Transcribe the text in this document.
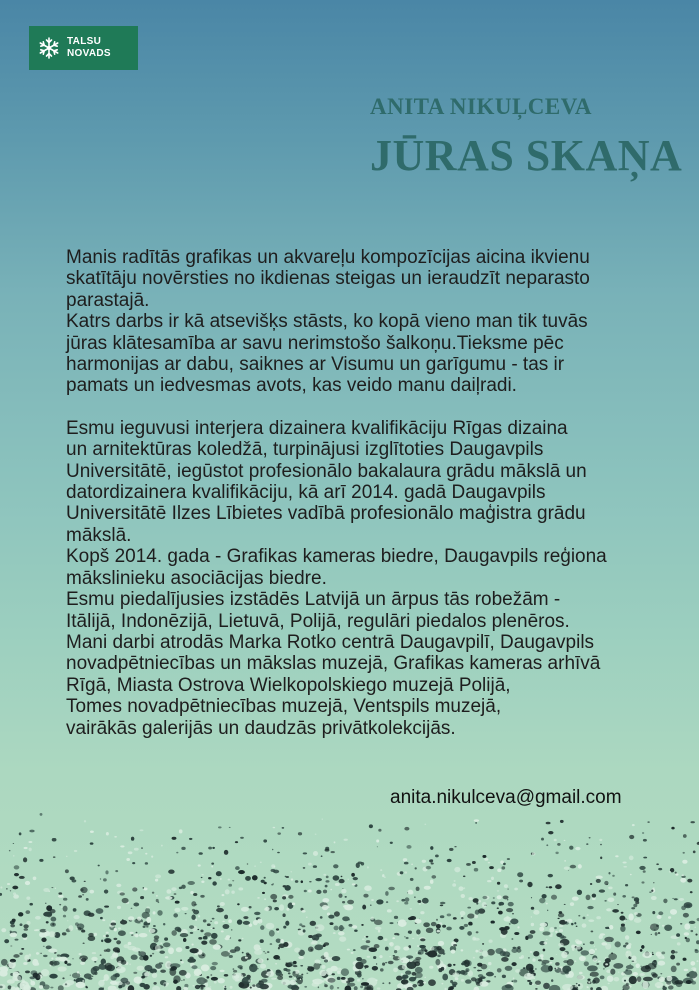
TALSU
NOVADS
ANITA NIKUĻCEVA
JŪRAS SKAŅA

Manis radītās grafikas un akvareļu kompozīcijas aicina ikvienu
skatītāju novērsties no ikdienas steigas un ieraudzīt neparasto
parastajā.
Katrs darbs ir kā atsevišķs stāsts, ko kopā vieno man tik tuvās
jūras klātesamība ar savu nerimstošo šalkoņu.Tieksme pēc
harmonijas ar dabu, saiknes ar Visumu un garīgumu - tas ir
pamats un iedvesmas avots, kas veido manu daiļradi.

Esmu ieguvusi interjera dizainera kvalifikāciju Rīgas dizaina
un arnitektūras koledžā, turpinājusi izglītoties Daugavpils
Universitātē, iegūstot profesionālo bakalaura grādu mākslā un
datordizainera kvalifikāciju, kā arī 2014. gadā Daugavpils
Universitātē Ilzes Lībietes vadībā profesionālo maģistra grādu
mākslā.
Kopš 2014. gada - Grafikas kameras biedre, Daugavpils reģiona
mākslinieku asociācijas biedre.
Esmu piedalījusies izstādēs Latvijā un ārpus tās robežām -
Itālijā, Indonēzijā, Lietuvā, Polijā, regulāri piedalos plenēros.
Mani darbi atrodās Marka Rotko centrā Daugavpilī, Daugavpils
novadpētniecības un mākslas muzejā, Grafikas kameras arhīvā
Rīgā, Miasta Ostrova Wielkopolskiego muzejā Polijā,
Tomes novadpētniecības muzejā, Ventspils muzejā,
vairākās galerijās un daudzās privātkolekcijās.

anita.nikulceva@gmail.com
